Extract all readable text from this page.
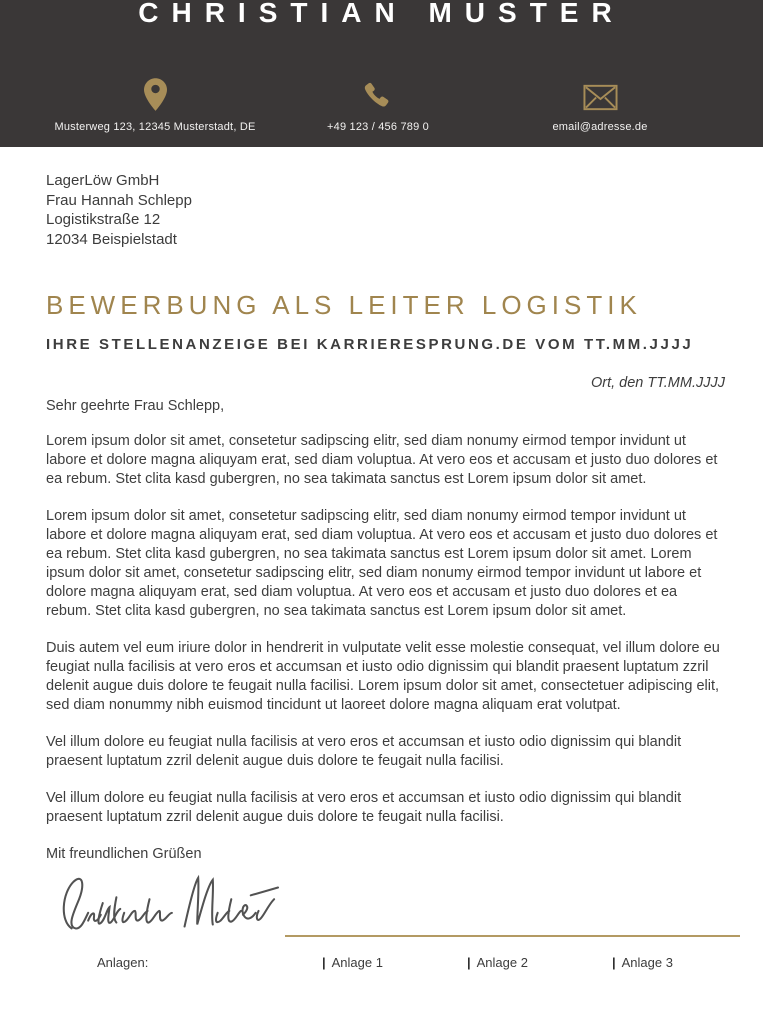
CHRISTIAN MUSTER
Musterweg 123, 12345 Musterstadt, DE	+49 123 / 456 789 0	email@adresse.de
LagerLöw GmbH
Frau Hannah Schlepp
Logistikstraße 12
12034 Beispielstadt
BEWERBUNG ALS LEITER LOGISTIK
IHRE STELLENANZEIGE BEI KARRIERESPRUNG.DE VOM TT.MM.JJJJ
Ort, den TT.MM.JJJJ
Sehr geehrte Frau Schlepp,

Lorem ipsum dolor sit amet, consetetur sadipscing elitr, sed diam nonumy eirmod tempor invidunt ut labore et dolore magna aliquyam erat, sed diam voluptua. At vero eos et accusam et justo duo dolores et ea rebum. Stet clita kasd gubergren, no sea takimata sanctus est Lorem ipsum dolor sit amet.

Lorem ipsum dolor sit amet, consetetur sadipscing elitr, sed diam nonumy eirmod tempor invidunt ut labore et dolore magna aliquyam erat, sed diam voluptua. At vero eos et accusam et justo duo dolores et ea rebum. Stet clita kasd gubergren, no sea takimata sanctus est Lorem ipsum dolor sit amet. Lorem ipsum dolor sit amet, consetetur sadipscing elitr, sed diam nonumy eirmod tempor invidunt ut labore et dolore magna aliquyam erat, sed diam voluptua. At vero eos et accusam et justo duo dolores et ea rebum. Stet clita kasd gubergren, no sea takimata sanctus est Lorem ipsum dolor sit amet.

Duis autem vel eum iriure dolor in hendrerit in vulputate velit esse molestie consequat, vel illum dolore eu feugiat nulla facilisis at vero eros et accumsan et iusto odio dignissim qui blandit praesent luptatum zzril delenit augue duis dolore te feugait nulla facilisi. Lorem ipsum dolor sit amet, consectetuer adipiscing elit, sed diam nonummy nibh euismod tincidunt ut laoreet dolore magna aliquam erat volutpat.

Vel illum dolore eu feugiat nulla facilisis at vero eros et accumsan et iusto odio dignissim qui blandit praesent luptatum zzril delenit augue duis dolore te feugait nulla facilisi.

Vel illum dolore eu feugiat nulla facilisis at vero eros et accumsan et iusto odio dignissim qui blandit praesent luptatum zzril delenit augue duis dolore te feugait nulla facilisi.

Mit freundlichen Grüßen
Anlagen:	| Anlage 1	| Anlage 2	| Anlage 3
